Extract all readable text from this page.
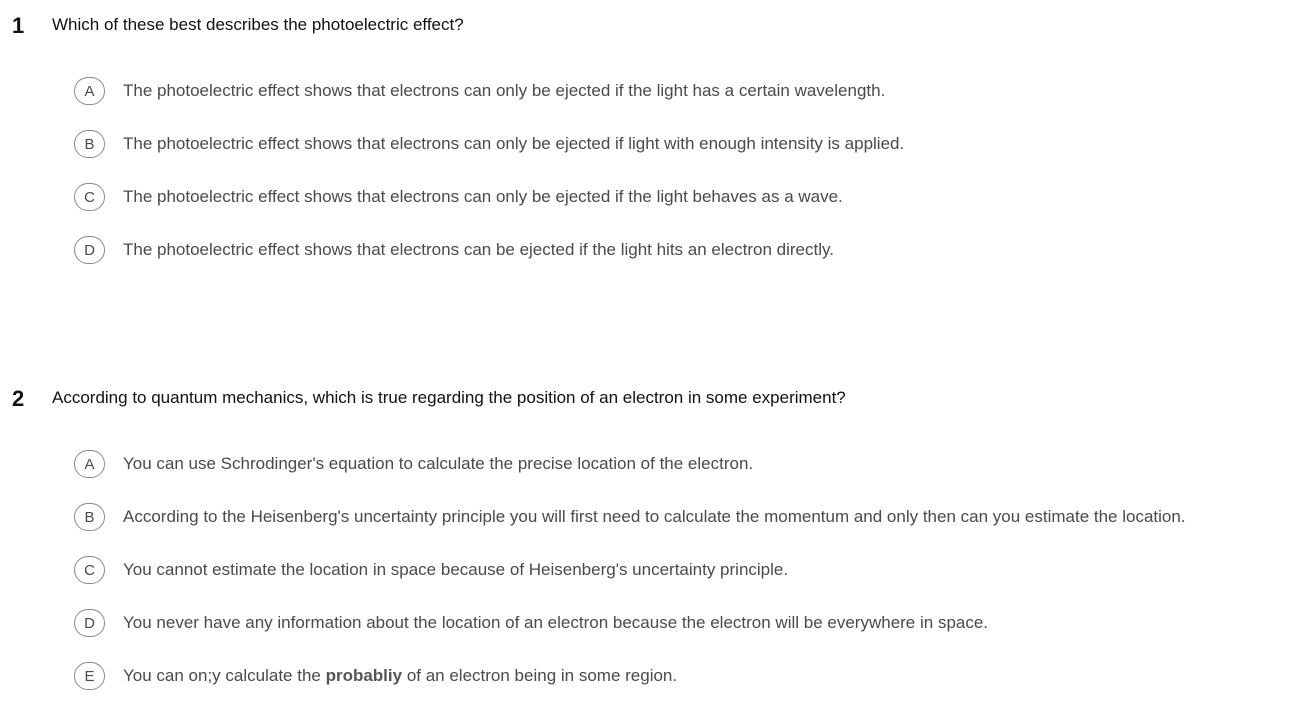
1 Which of these best describes the photoelectric effect?
A	The photoelectric effect shows that electrons can only be ejected if the light has a certain wavelength.
B	The photoelectric effect shows that electrons can only be ejected if light with enough intensity is applied.
C	The photoelectric effect shows that electrons can only be ejected if the light behaves as a wave.
D	The photoelectric effect shows that electrons can be ejected if the light hits an electron directly.
2 According to quantum mechanics, which is true regarding the position of an electron in some experiment?
A	You can use Schrodinger's equation to calculate the precise location of the electron.
B	According to the Heisenberg's uncertainty principle you will first need to calculate the momentum and only then can you estimate the location.
C	You cannot estimate the location in space because of Heisenberg's uncertainty principle.
D	You never have any information about the location of an electron because the electron will be everywhere in space.
E	You can on;y calculate the probabliy of an electron being in some region.
